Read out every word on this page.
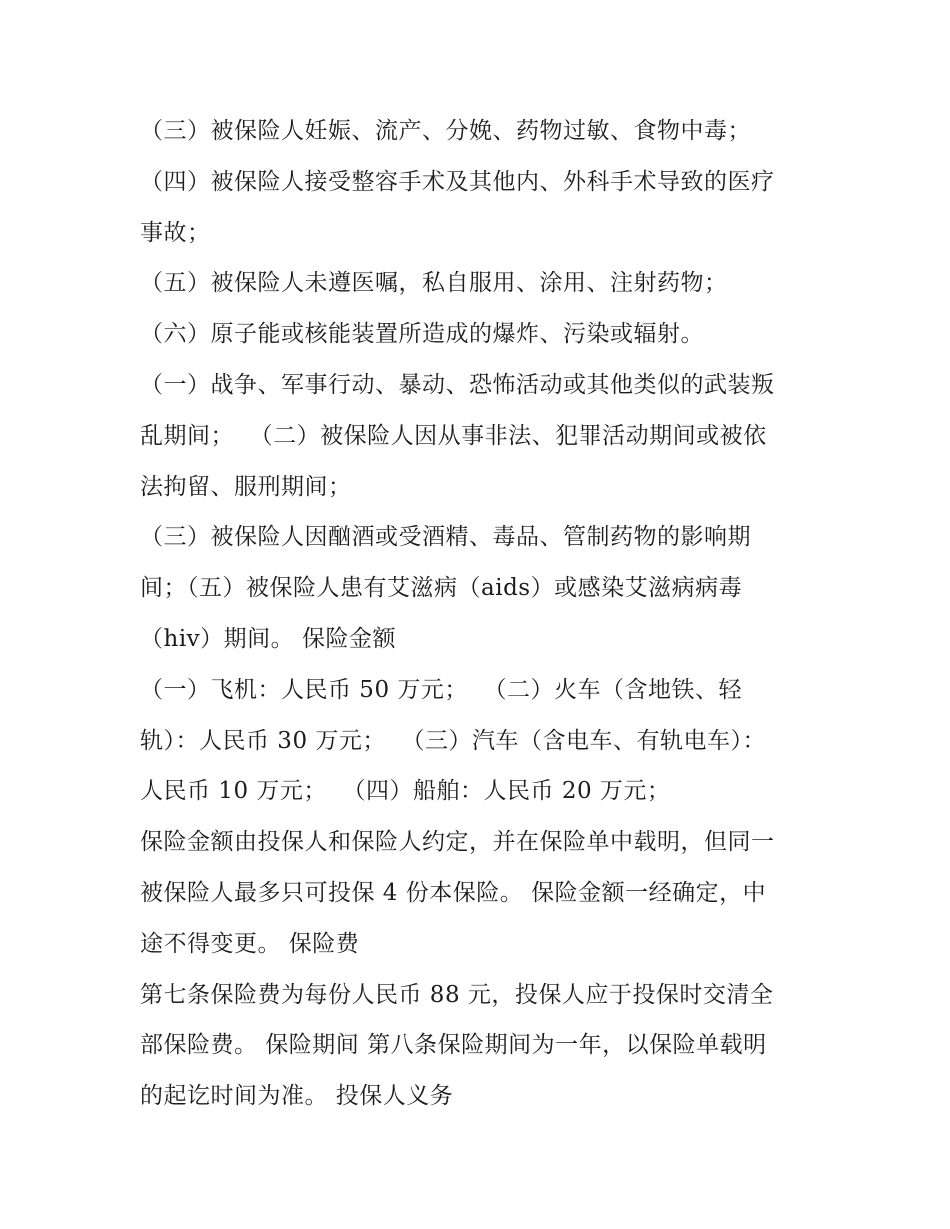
（三）被保险人妊娠、流产、分娩、药物过敏、食物中毒；
（四）被保险人接受整容手术及其他内、外科手术导致的医疗
事故；
（五）被保险人未遵医嘱，私自服用、涂用、注射药物；
（六）原子能或核能装置所造成的爆炸、污染或辐射。
（一）战争、军事行动、暴动、恐怖活动或其他类似的武装叛
乱期间；  （二）被保险人因从事非法、犯罪活动期间或被依
法拘留、服刑期间；
（三）被保险人因酗酒或受酒精、毒品、管制药物的影响期
间；（五）被保险人患有艾滋病（aids）或感染艾滋病病毒
（hiv）期间。 保险金额
（一）飞机：人民币 50 万元；  （二）火车（含地铁、轻
轨）：人民币 30 万元；  （三）汽车（含电车、有轨电车）：
人民币 10 万元；  （四）船舶：人民币 20 万元；
保险金额由投保人和保险人约定，并在保险单中载明，但同一
被保险人最多只可投保 4 份本保险。 保险金额一经确定，中
途不得变更。 保险费
第七条保险费为每份人民币 88 元，投保人应于投保时交清全
部保险费。 保险期间 第八条保险期间为一年，以保险单载明
的起讫时间为准。 投保人义务
